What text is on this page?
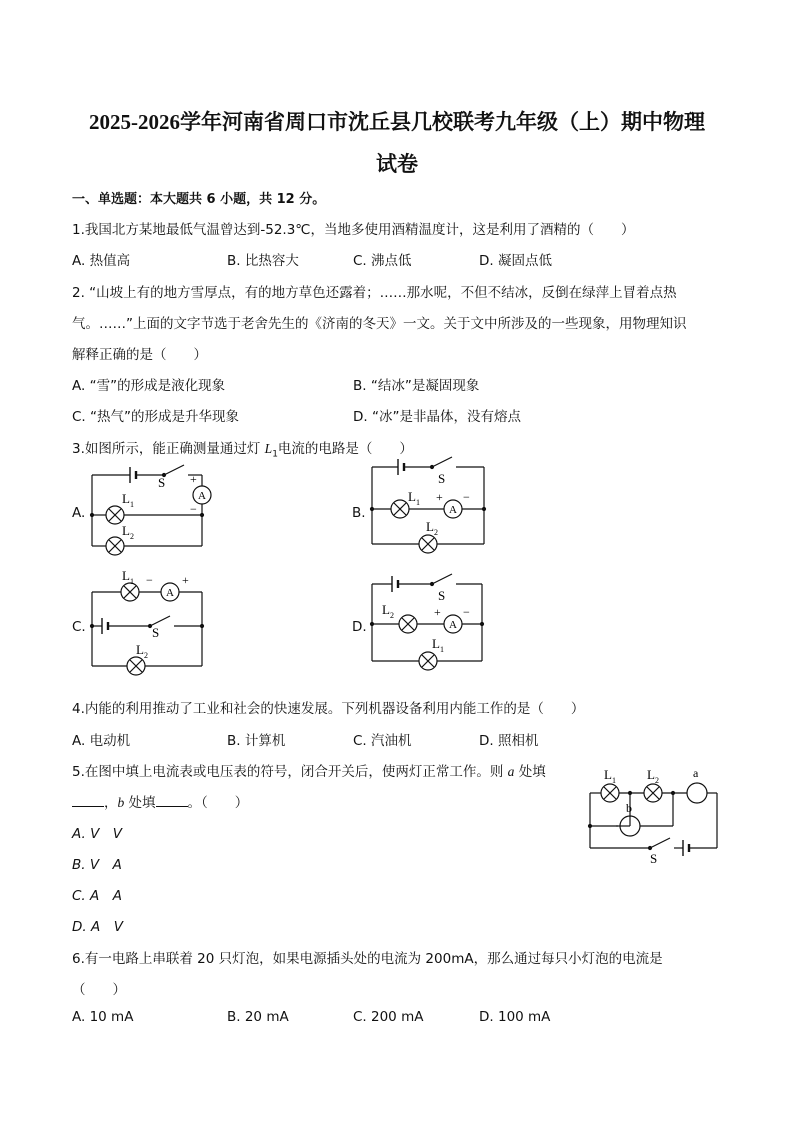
2025-2026学年河南省周口市沈丘县几校联考九年级（上）期中物理
试卷
一、单选题：本大题共 6 小题，共 12 分。
1.我国北方某地最低气温曾达到-52.3℃，当地多使用酒精温度计，这是利用了酒精的（　　）
A. 热值高	B. 比热容大	C. 沸点低	D. 凝固点低
2. “山坡上有的地方雪厚点，有的地方草色还露着；……那水呢，不但不结冰，反倒在绿萍上冒着点热
气。……”上面的文字节选于老舍先生的《济南的冬天》一文。关于文中所涉及的一些现象，用物理知识
解释正确的是（　　）
A. “雪”的形成是液化现象	B. “结冰”是凝固现象
C. “热气”的形成是升华现象	D. “冰”是非晶体，没有熔点
3.如图所示，能正确测量通过灯 $L_1$电流的电路是（　　）
A.	B.
C.	D.
S
A
+
−
L 1
L 2
S
A
+ −
L 1
L 2
S
A
− +
L 1
L 2
S
A
+ −
L 2
L 1
4.内能的利用推动了工业和社会的快速发展。下列机器设备利用内能工作的是（　　）
A. 电动机	B. 计算机	C. 汽油机	D. 照相机
5.在图中填上电流表或电压表的符号，闭合开关后，使两灯正常工作。则 a 处填
，b 处填 。（　　）
A. V　V
B. V　A
C. A　A
D. A　V
L 1 L 2
a
b
S
6.有一电路上串联着 20 只灯泡，如果电源插头处的电流为 200mA，那么通过每只小灯泡的电流是
（　　）
A. 10 mA	B. 20 mA	C. 200 mA	D. 100 mA
